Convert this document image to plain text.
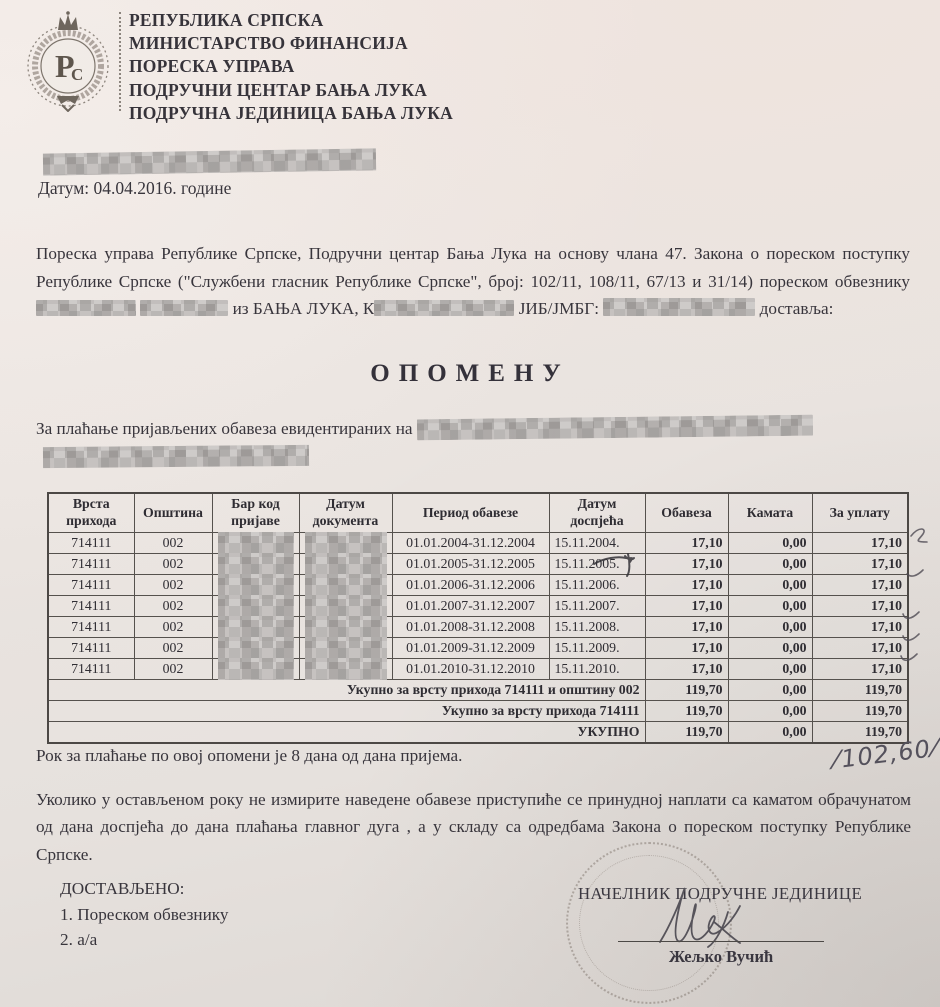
Р
С
РЕПУБЛИКА СРПСКА
МИНИСТАРСТВО ФИНАНСИЈА
ПОРЕСКА УПРАВА
ПОДРУЧНИ ЦЕНТАР БАЊА ЛУКА
ПОДРУЧНА ЈЕДИНИЦА БАЊА ЛУКА
Датум: 04.04.2016. године

Пореска управа Републике Српске, Подручни центар Бања Лука на основу члана 47. Закона о пореском поступку Републике Српске ("Службени гласник Републике Српске", број: 102/11, 108/11, 67/13 и 31/14) пореском обвезнику   из БАЊА ЛУКА, К	ЈИБ/ЈМБГ:	доставља:

ОПОМЕНУ

За плаћање пријављених обавеза евидентираних на

Врста прихода	Општина	Бар код пријаве	Датум документа	Период обавезе	Датум доспјећа	Обавеза	Камата	За уплату
714111	002			01.01.2004-31.12.2004	15.11.2004.	17,10	0,00	17,10
714111	002			01.01.2005-31.12.2005	15.11.2005.	17,10	0,00	17,10
714111	002			01.01.2006-31.12.2006	15.11.2006.	17,10	0,00	17,10
714111	002			01.01.2007-31.12.2007	15.11.2007.	17,10	0,00	17,10
714111	002			01.01.2008-31.12.2008	15.11.2008.	17,10	0,00	17,10
714111	002			01.01.2009-31.12.2009	15.11.2009.	17,10	0,00	17,10
714111	002			01.01.2010-31.12.2010	15.11.2010.	17,10	0,00	17,10
Укупно за врсту прихода 714111 и општину 002						119,70	0,00	119,70
Укупно за врсту прихода 714111						119,70	0,00	119,70
УКУПНО						119,70	0,00	119,70
Рок за плаћање по овој опомени је 8 дана од дана пријема.	⁄ 102,60 ⁄

Уколико у остављеном року не измирите наведене обавезе приступиће се принудној наплати са каматом обрачунатом од дана доспјећа до дана плаћања главног дуга , а у складу са одредбама Закона о пореском поступку Републике Српске.

ДОСТАВЉЕНО:
1. Пореском обвезнику
2. а/а
НАЧЕЛНИК ПОДРУЧНЕ ЈЕДИНИЦЕ
Жељко Вучић
